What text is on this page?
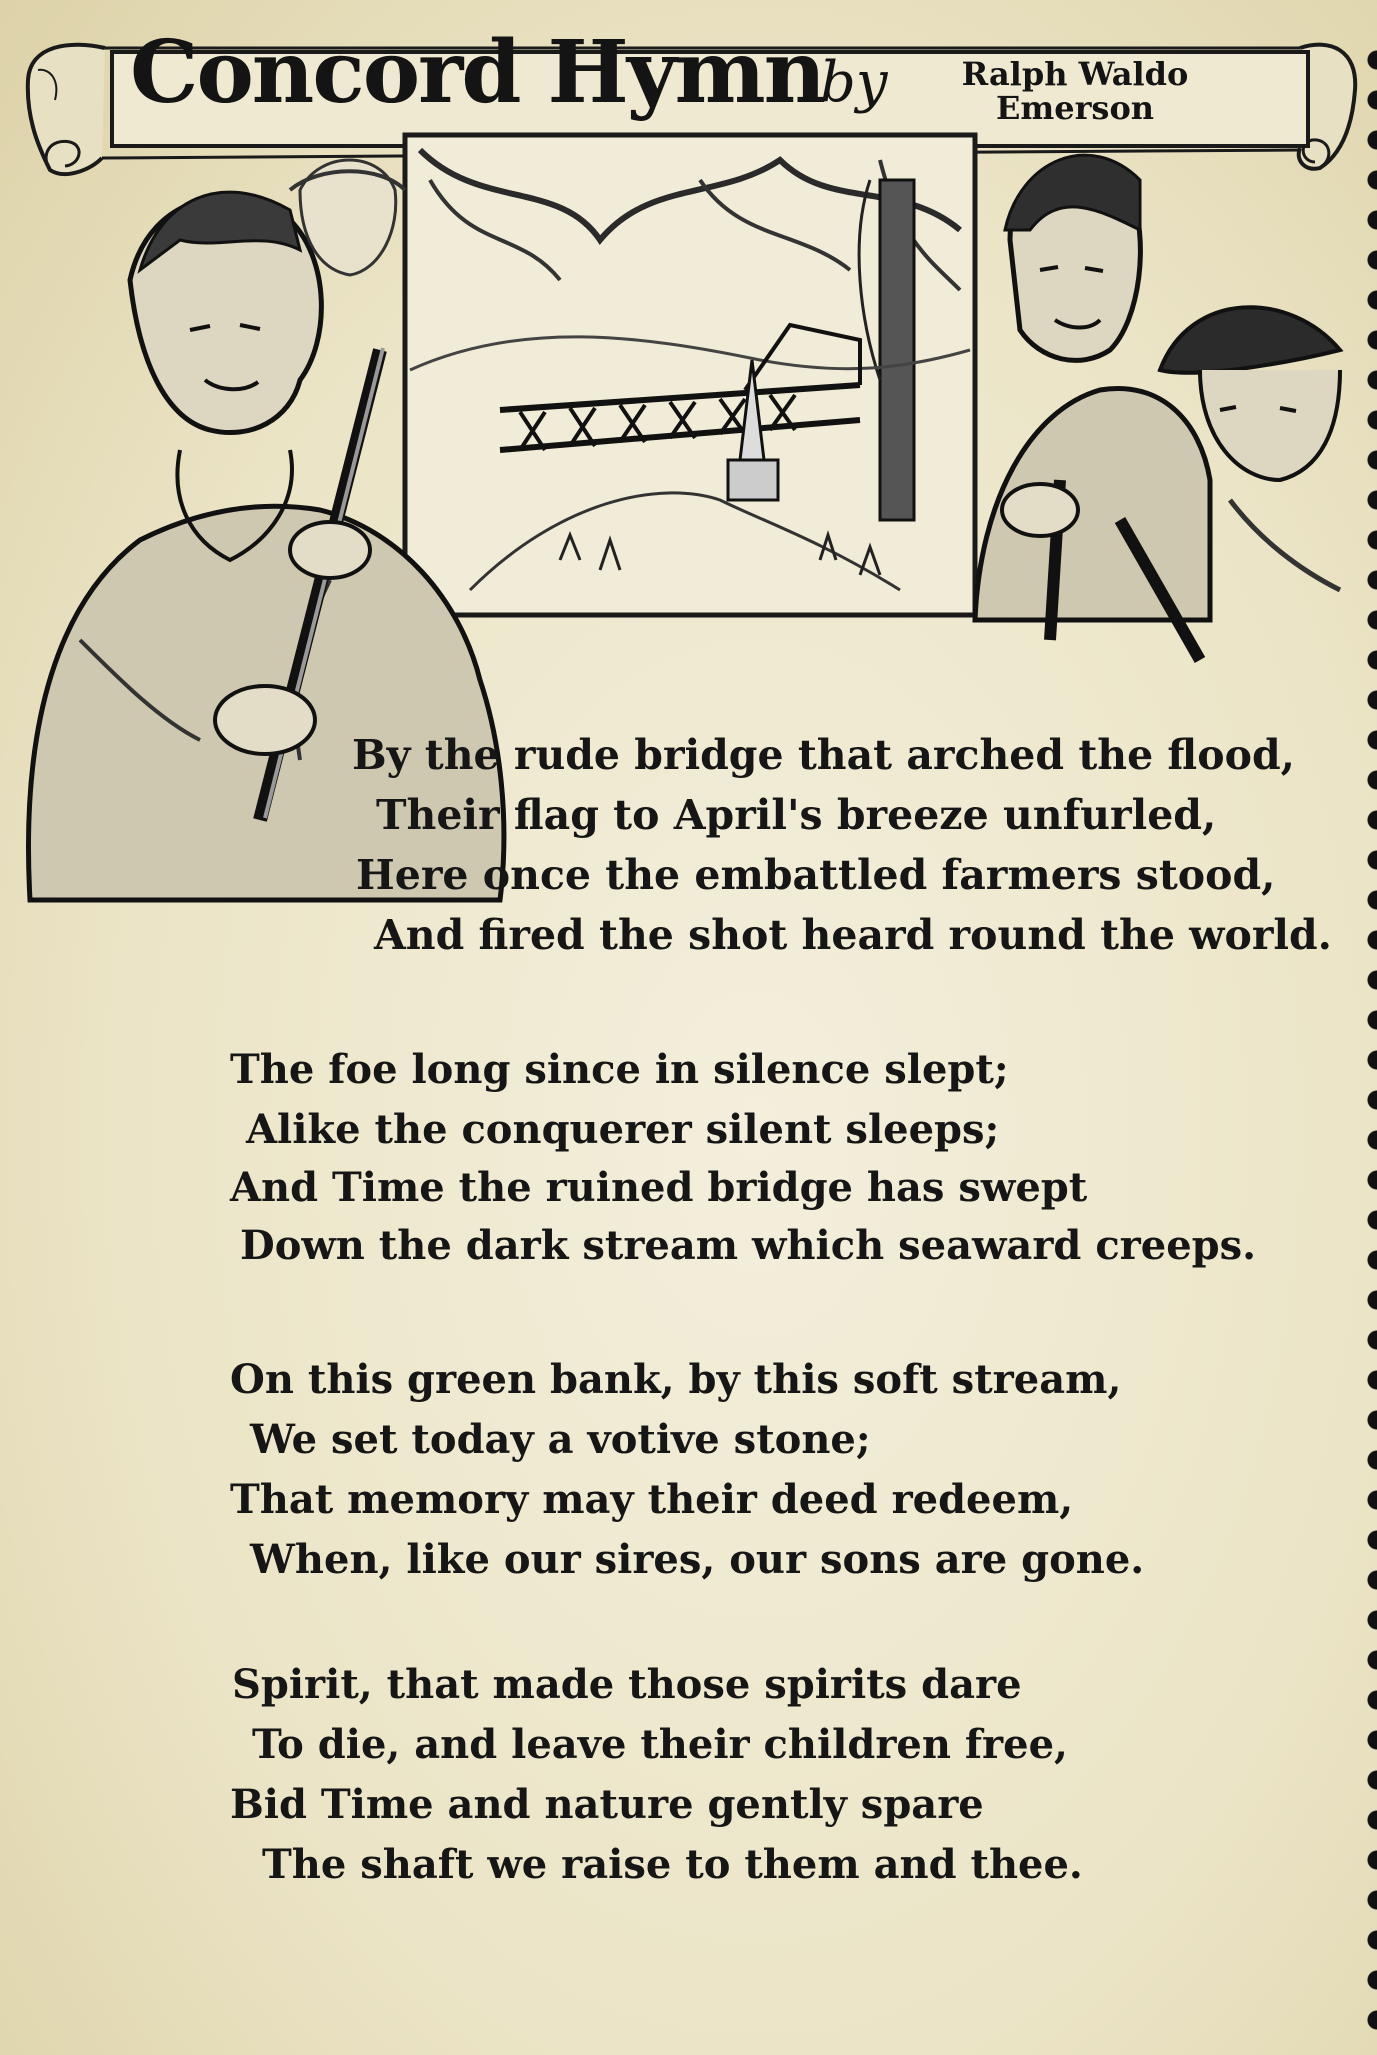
Concord Hymn
by	Ralph Waldo
Emerson
By the rude bridge that arched the flood,
Their flag to April's breeze unfurled,
Here once the embattled farmers stood,
And fired the shot heard round the world.
The foe long since in silence slept;
Alike the conquerer silent sleeps;
And Time the ruined bridge has swept
Down the dark stream which seaward creeps.
On this green bank, by this soft stream,
We set today a votive stone;
That memory may their deed redeem,
When, like our sires, our sons are gone.
Spirit, that made those spirits dare
To die, and leave their children free,
Bid Time and nature gently spare
The shaft we raise to them and thee.
